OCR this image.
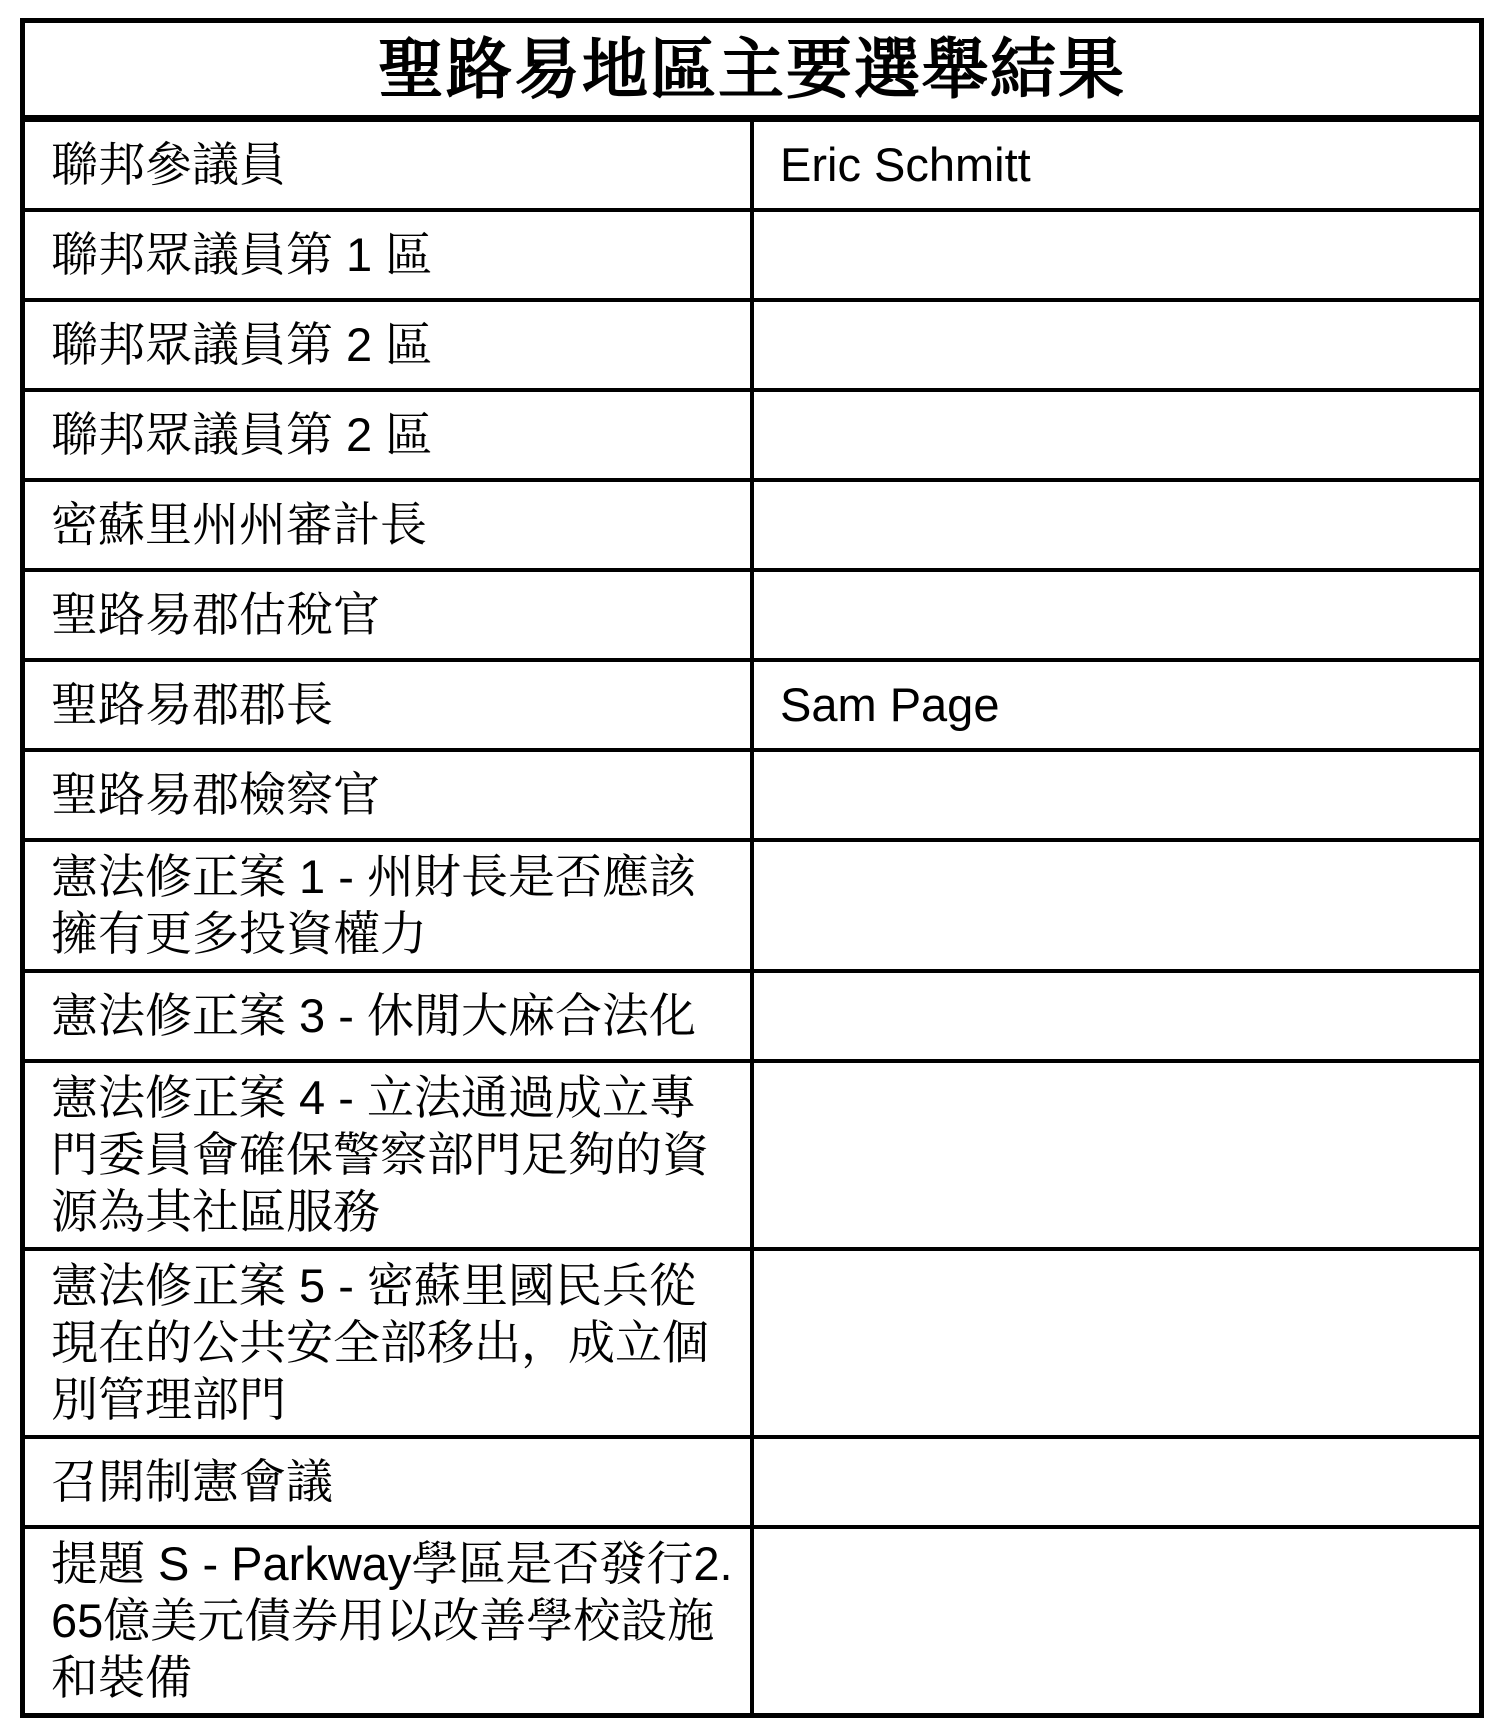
聖路易地區主要選舉結果	
聯邦參議員	Eric Schmitt
聯邦眾議員第 1 區	
聯邦眾議員第 2 區	
聯邦眾議員第 2 區	
密蘇里州州審計長	
聖路易郡估稅官	
聖路易郡郡長	Sam Page
聖路易郡檢察官	
憲法修正案 1 - 州財長是否應該擁有更多投資權力	
憲法修正案 3 - 休閒大麻合法化	
憲法修正案 4 - 立法通過成立專門委員會確保警察部門足夠的資源為其社區服務	
憲法修正案 5 - 密蘇里國民兵從現在的公共安全部移出，成立個別管理部門	
召開制憲會議	
提題 S - Parkway學區是否發行2. 65億美元債券用以改善學校設施和裝備	
